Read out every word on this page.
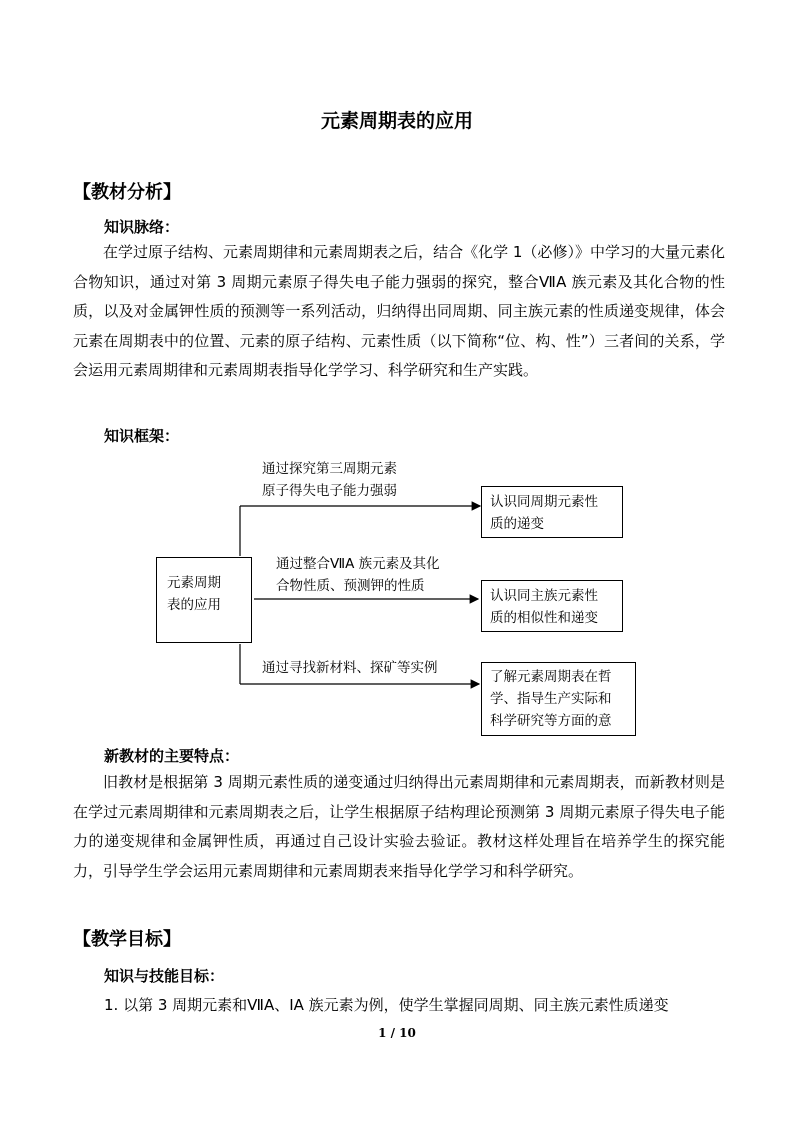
元素周期表的应用
【教材分析】
知识脉络：
在学过原子结构、元素周期律和元素周期表之后，结合《化学 1（必修）》中学习的大量元素化合物知识，通过对第 3 周期元素原子得失电子能力强弱的探究，整合ⅦA 族元素及其化合物的性质，以及对金属钾性质的预测等一系列活动，归纳得出同周期、同主族元素的性质递变规律，体会元素在周期表中的位置、元素的原子结构、元素性质（以下简称“位、构、性”）三者间的关系，学会运用元素周期律和元素周期表指导化学学习、科学研究和生产实践。
知识框架：
元素周期
表的应用
通过探究第三周期元素
原子得失电子能力强弱
通过整合ⅦA 族元素及其化
合物性质、预测钾的性质
通过寻找新材料、探矿等实例
认识同周期元素性
质的递变
认识同主族元素性
质的相似性和递变
了解元素周期表在哲
学、指导生产实际和
科学研究等方面的意
新教材的主要特点：
旧教材是根据第 3 周期元素性质的递变通过归纳得出元素周期律和元素周期表，而新教材则是在学过元素周期律和元素周期表之后，让学生根据原子结构理论预测第 3 周期元素原子得失电子能力的递变规律和金属钾性质，再通过自己设计实验去验证。教材这样处理旨在培养学生的探究能力，引导学生学会运用元素周期律和元素周期表来指导化学学习和科学研究。
【教学目标】
知识与技能目标：
1. 以第 3 周期元素和ⅦA、ⅠA 族元素为例，使学生掌握同周期、同主族元素性质递变
1 / 10
